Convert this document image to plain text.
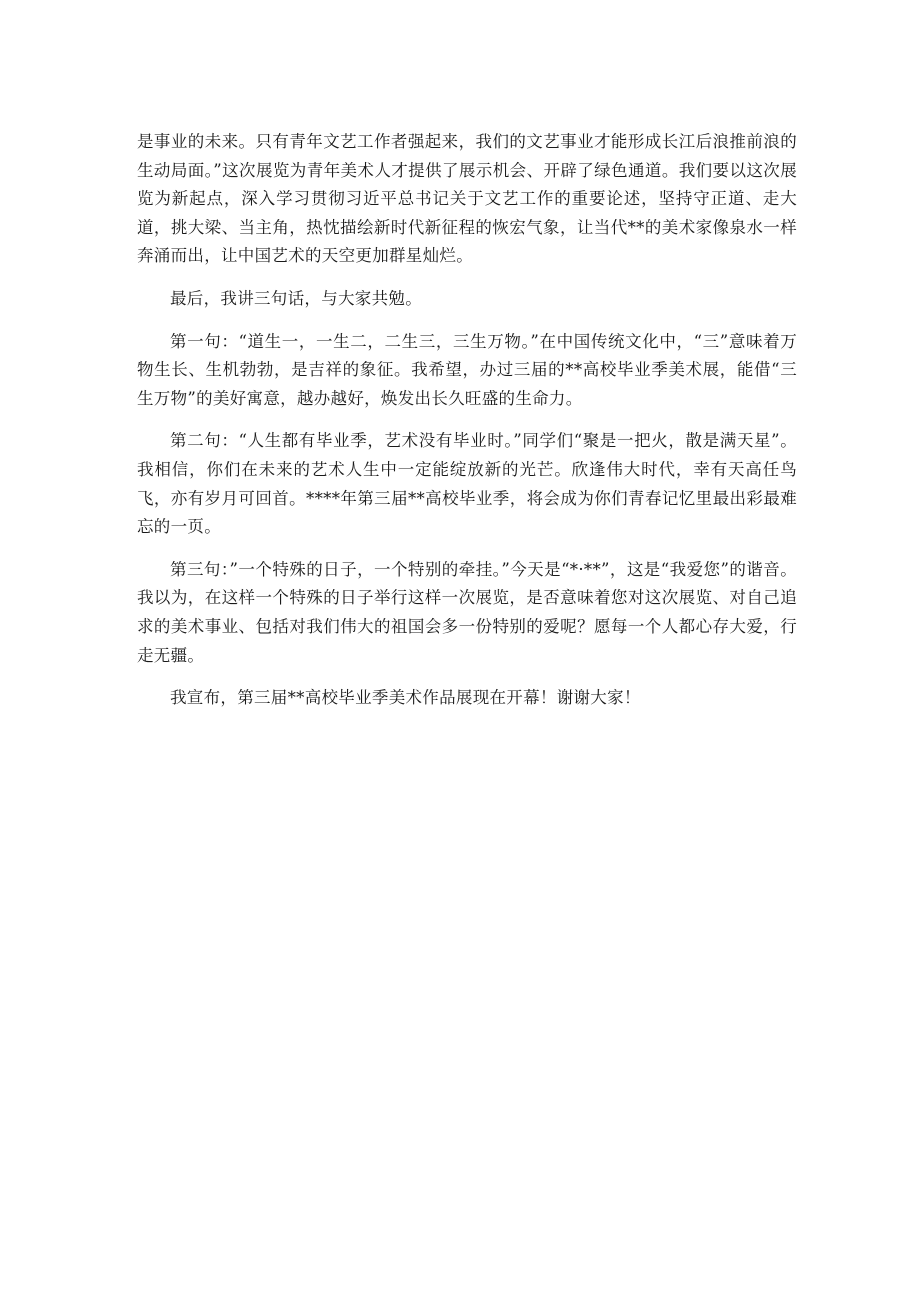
是事业的未来。只有青年文艺工作者强起来，我们的文艺事业才能形成长江后浪推前浪的生动局面。”这次展览为青年美术人才提供了展示机会、开辟了绿色通道。我们要以这次展览为新起点，深入学习贯彻习近平总书记关于文艺工作的重要论述，坚持守正道、走大道，挑大梁、当主角，热忱描绘新时代新征程的恢宏气象，让当代**的美术家像泉水一样奔涌而出，让中国艺术的天空更加群星灿烂。

最后，我讲三句话，与大家共勉。

第一句：“道生一，一生二，二生三，三生万物。”在中国传统文化中，“三”意味着万物生长、生机勃勃，是吉祥的象征。我希望，办过三届的**高校毕业季美术展，能借“三生万物”的美好寓意，越办越好，焕发出长久旺盛的生命力。

第二句：“人生都有毕业季，艺术没有毕业时。”同学们“聚是一把火，散是满天星”。我相信，你们在未来的艺术人生中一定能绽放新的光芒。欣逢伟大时代，幸有天高任鸟飞，亦有岁月可回首。****年第三届**高校毕业季，将会成为你们青春记忆里最出彩最难忘的一页。

第三句：”一个特殊的日子，一个特别的牵挂。”今天是“*·**”，这是“我爱您”的谐音。我以为，在这样一个特殊的日子举行这样一次展览，是否意味着您对这次展览、对自己追求的美术事业、包括对我们伟大的祖国会多一份特别的爱呢？愿每一个人都心存大爱，行走无疆。

我宣布，第三届**高校毕业季美术作品展现在开幕！谢谢大家！
